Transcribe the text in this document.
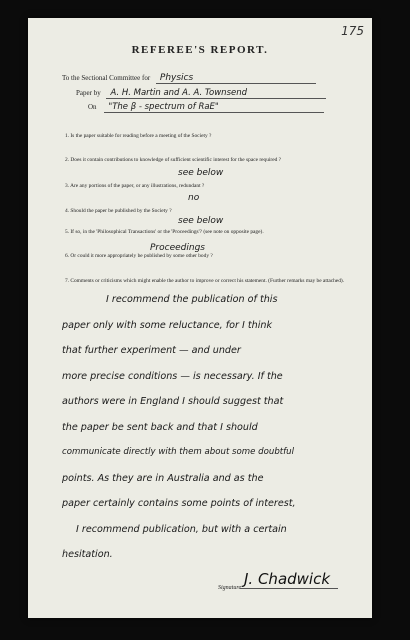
175
REFEREE'S REPORT.
To the Sectional Committee for Physics
Paper by A. H. Martin and A. A. Townsend
On "The β - spectrum of RaE"
1. Is the paper suitable for reading before a meeting of the Society ?
2. Does it contain contributions to knowledge of sufficient scientific interest for the space required ?
see below
3. Are any portions of the paper, or any illustrations, redundant ?
no
4. Should the paper be published by the Society ?
see below
5. If so, in the 'Philosophical Transactions' or the 'Proceedings'? (see note on opposite page).
Proceedings
6. Or could it more appropriately be published by some other body ?
7. Comments or criticisms which might enable the author to improve or correct his statement. (Further remarks may be attached).
I recommend the publication of this
paper only with some reluctance, for I think
that further experiment — and under
more precise conditions — is necessary. If the
authors were in England I should suggest that
the paper be sent back and that I should
communicate directly with them about some doubtful
points. As they are in Australia and as the
paper certainly contains some points of interest,
I recommend publication, but with a certain
hesitation.
Signature J. Chadwick
